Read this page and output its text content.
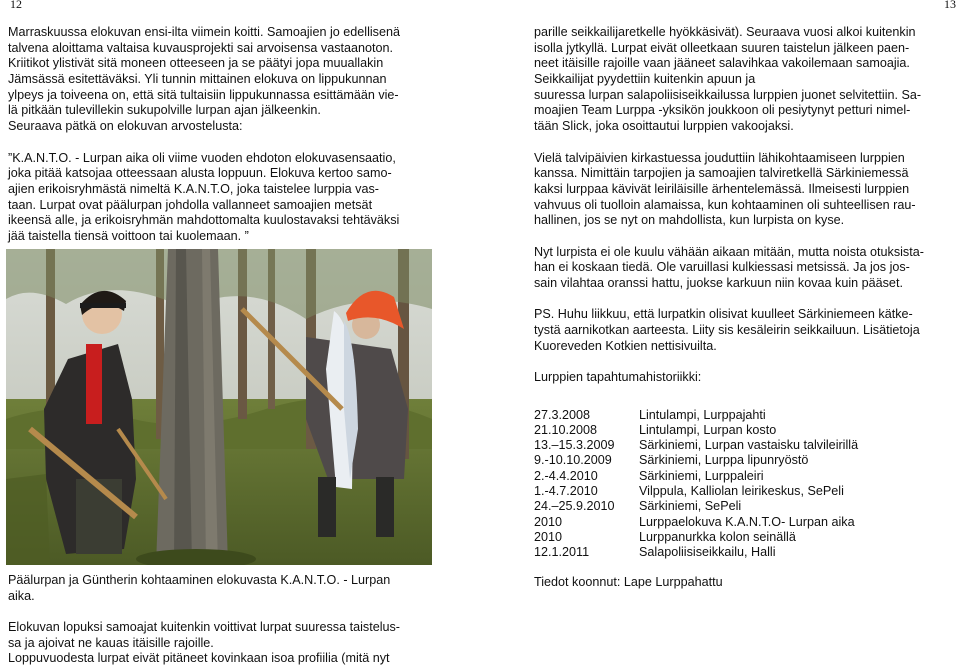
12	13
Marraskuussa elokuvan ensi-ilta viimein koitti. Samoajien jo edellisenä
talvena aloittama valtaisa kuvausprojekti sai arvoisensa vastaanoton.
Kriitikot ylistivät sitä moneen otteeseen ja se päätyi jopa muuallakin
Jämsässä esitettäväksi. Yli tunnin mittainen elokuva on lippukunnan
ylpeys ja toiveena on, että sitä tultaisiin lippukunnassa esittämään vie-
lä pitkään tulevillekin sukupolville lurpan ajan jälkeenkin.
Seuraava pätkä on elokuvan arvostelusta:
”K.A.N.T.O. - Lurpan aika oli viime vuoden ehdoton elokuvasensaatio,
joka pitää katsojaa otteessaan alusta loppuun. Elokuva kertoo samo-
ajien erikoisryhmästä nimeltä K.A.N.T.O, joka taistelee lurppia vas-
taan. Lurpat ovat päälurpan johdolla vallanneet samoajien metsät
ikeensä alle, ja erikoisryhmän mahdottomalta kuulostavaksi tehtäväksi
jää taistella tiensä voittoon tai kuolemaan. ”
Päälurpan ja Güntherin kohtaaminen elokuvasta K.A.N.T.O. - Lurpan
aika.
Elokuvan lopuksi samoajat kuitenkin voittivat lurpat suuressa taistelus-
sa ja ajoivat ne kauas itäisille rajoille.
Loppuvuodesta lurpat eivät pitäneet kovinkaan isoa profiilia (mitä nyt
parille seikkailijaretkelle hyökkäsivät). Seuraava vuosi alkoi kuitenkin
isolla jytkyllä. Lurpat eivät olleetkaan suuren taistelun jälkeen paen-
neet itäisille rajoille vaan jääneet salavihkaa vakoilemaan samoajia.
Seikkailijat pyydettiin kuitenkin apuun ja
suuressa lurpan salapoliisiseikkailussa lurppien juonet selvitettiin. Sa-
moajien Team Lurppa -yksikön joukkoon oli pesiytynyt petturi nimel-
tään Slick, joka osoittautui lurppien vakoojaksi.
Vielä talvipäivien kirkastuessa jouduttiin lähikohtaamiseen lurppien
kanssa. Nimittäin tarpojien ja samoajien talviretkellä Särkiniemessä
kaksi lurppaa kävivät leiriläisille ärhentelemässä. Ilmeisesti lurppien
vahvuus oli tuolloin alamaissa, kun kohtaaminen oli suhteellisen rau-
hallinen, jos se nyt on mahdollista, kun lurpista on kyse.
Nyt lurpista ei ole kuulu vähään aikaan mitään, mutta noista otuksista-
han ei koskaan tiedä. Ole varuillasi kulkiessasi metsissä. Ja jos jos-
sain vilahtaa oranssi hattu, juokse karkuun niin kovaa kuin pääset.
PS. Huhu liikkuu, että lurpatkin olisivat kuulleet Särkiniemeen kätke-
tystä aarnikotkan aarteesta. Liity sis kesäleirin seikkailuun. Lisätietoja
Kuoreveden Kotkien nettisivuilta.
Lurppien tapahtumahistoriikki:
27.3.2008	Lintulampi, Lurppajahti
21.10.2008	Lintulampi, Lurpan kosto
13.–15.3.2009	Särkiniemi, Lurpan vastaisku talvileirillä
9.-10.10.2009	Särkiniemi, Lurppa lipunryöstö
2.-4.4.2010	Särkiniemi, Lurppaleiri
1.-4.7.2010	Vilppula, Kalliolan leirikeskus, SePeli
24.–25.9.2010	Särkiniemi, SePeli
2010	Lurppaelokuva K.A.N.T.O- Lurpan aika
2010	Lurppanurkka kolon seinällä
12.1.2011	Salapoliisiseikkailu, Halli
Tiedot koonnut: Lape Lurppahattu
